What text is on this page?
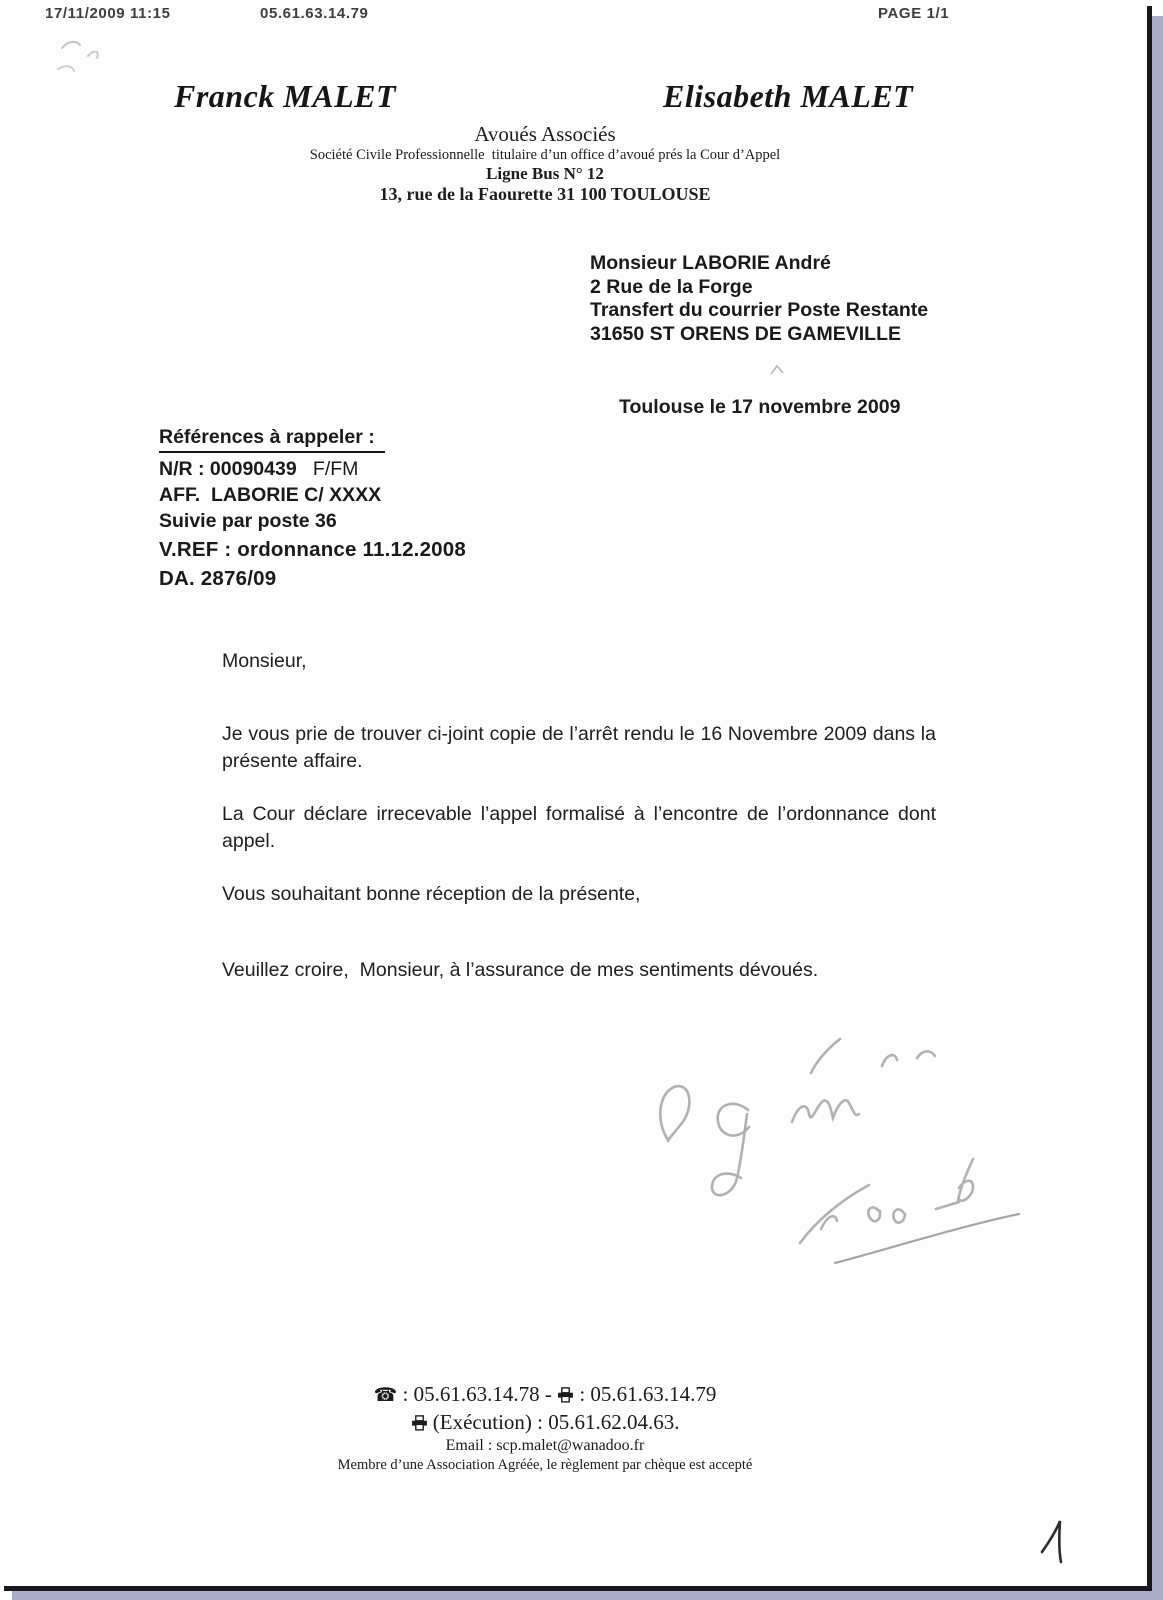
17/11/2009 11:15	05.61.63.14.79	PAGE 1/1
Franck MALET	Elisabeth MALET
Avoués Associés
Société Civile Professionnelle  titulaire d’un office d’avoué prés la Cour d’Appel
Ligne Bus N° 12
13, rue de la Faourette 31 100 TOULOUSE
Monsieur LABORIE André
2 Rue de la Forge
Transfert du courrier Poste Restante
31650 ST ORENS DE GAMEVILLE
Toulouse le 17 novembre 2009
Références à rappeler :
N/R : 00090439   F/FM
AFF.  LABORIE C/ XXXX
Suivie par poste 36
V.REF : ordonnance 11.12.2008
DA. 2876/09

Monsieur,

Je vous prie de trouver ci-joint copie de l’arrêt rendu le 16 Novembre 2009 dans la présente affaire.

La Cour déclare irrecevable l’appel formalisé à l’encontre de l’ordonnance dont appel.

Vous souhaitant bonne réception de la présente,

Veuillez croire,  Monsieur, à l’assurance de mes sentiments dévoués.

☎ : 05.61.63.14.78 - : 05.61.63.14.79
(Exécution) : 05.61.62.04.63.
Email : scp.malet@wanadoo.fr
Membre d’une Association Agréée, le règlement par chèque est accepté
